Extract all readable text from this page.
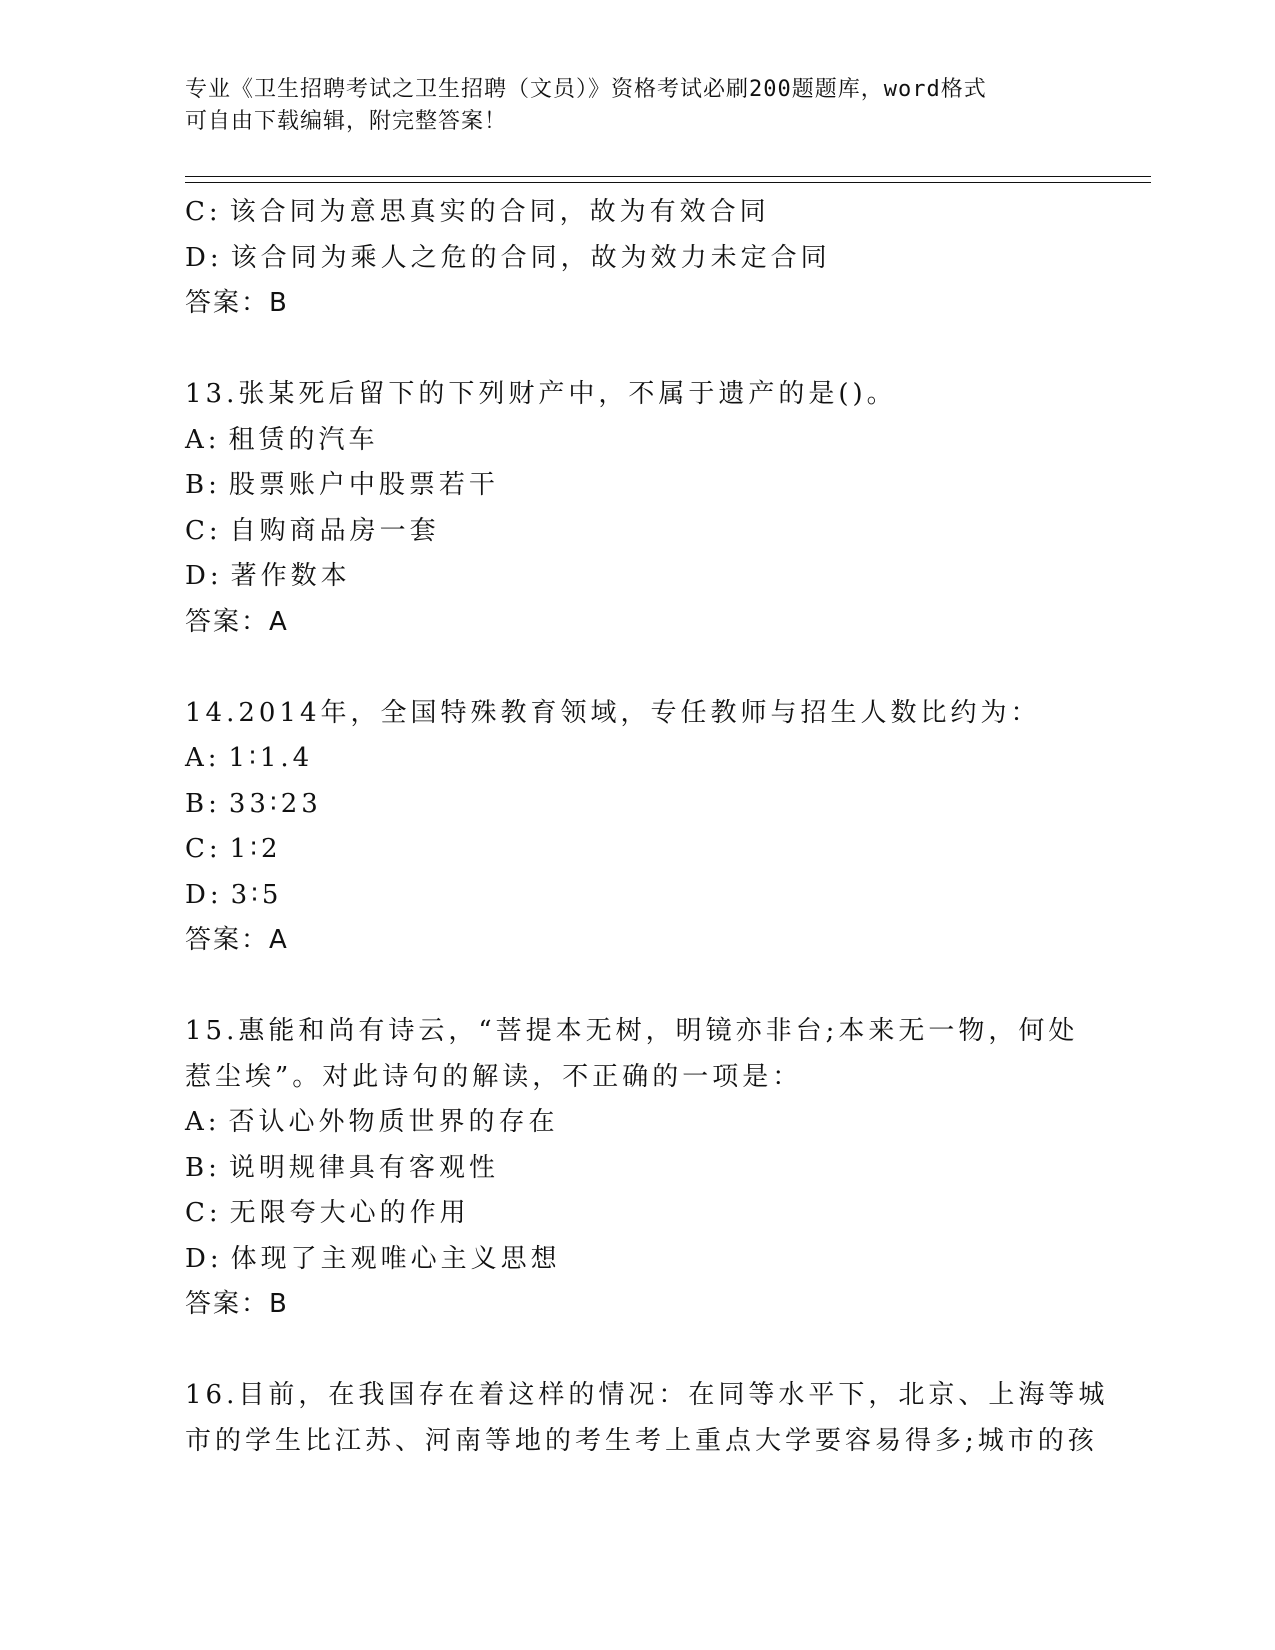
专业《卫生招聘考试之卫生招聘（文员）》资格考试必刷200题题库，word格式
可自由下载编辑，附完整答案！
C: 该合同为意思真实的合同，故为有效合同
D: 该合同为乘人之危的合同，故为效力未定合同
答案：B
13.张某死后留下的下列财产中，不属于遗产的是()。
A: 租赁的汽车
B: 股票账户中股票若干
C: 自购商品房一套
D: 著作数本
答案：A
14.2014年，全国特殊教育领域，专任教师与招生人数比约为：
A: 1∶1.4
B: 33∶23
C: 1∶2
D: 3∶5
答案：A
15.惠能和尚有诗云，“菩提本无树，明镜亦非台;本来无一物，何处
惹尘埃”。对此诗句的解读，不正确的一项是：
A: 否认心外物质世界的存在
B: 说明规律具有客观性
C: 无限夸大心的作用
D: 体现了主观唯心主义思想
答案：B
16.目前，在我国存在着这样的情况：在同等水平下，北京、上海等城
市的学生比江苏、河南等地的考生考上重点大学要容易得多;城市的孩
